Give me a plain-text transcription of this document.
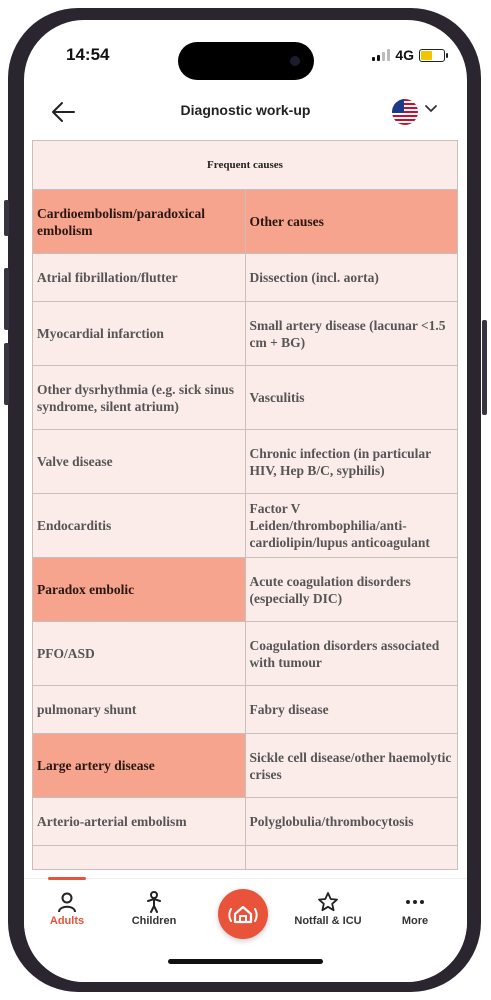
14:54	4G
Diagnostic work-up
Frequent causes	
Cardioembolism/paradoxical embolism	Other causes
Atrial fibrillation/flutter	Dissection (incl. aorta)
Myocardial infarction	Small artery disease (lacunar <1.5 cm + BG)
Other dysrhythmia (e.g. sick sinus syndrome, silent atrium)	Vasculitis
Valve disease	Chronic infection (in particular HIV, Hep B/C, syphilis)
Endocarditis	Factor V Leiden/thrombophilia/anti-cardiolipin/lupus anticoagulant
Paradox embolic	Acute coagulation disorders (especially DIC)
PFO/ASD	Coagulation disorders associated with tumour
pulmonary shunt	Fabry disease
Large artery disease	Sickle cell disease/other haemolytic crises
Arterio-arterial embolism	Polyglobulia/thrombocytosis

Adults	Children	Notfall & ICU	More
